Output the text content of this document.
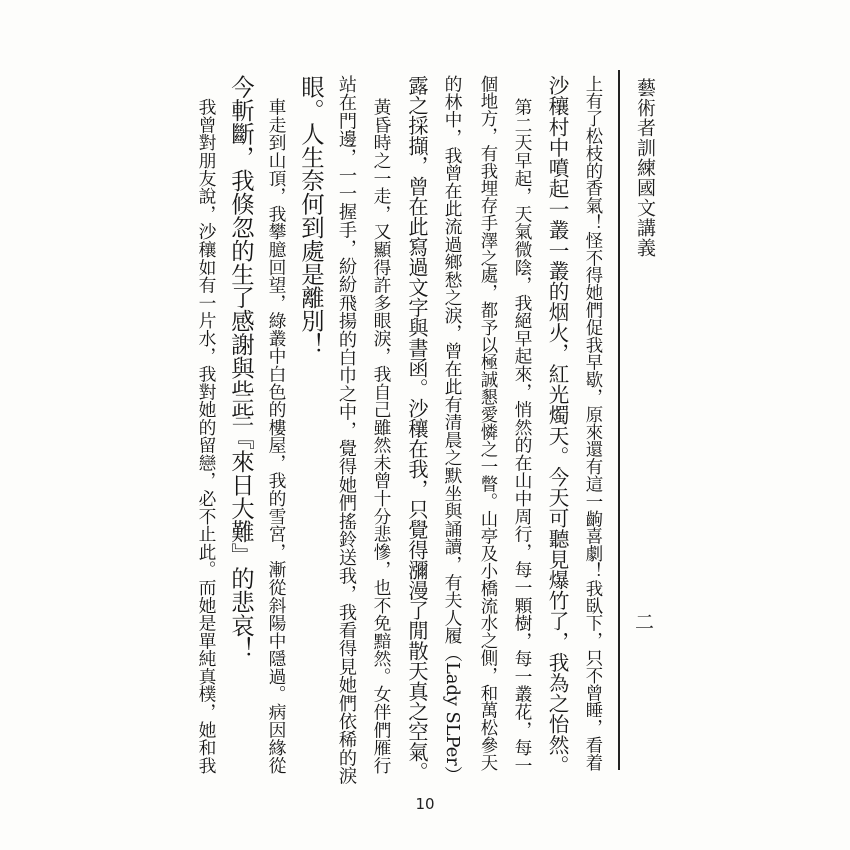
藝術者訓練國文講義
二
上有了松枝的香氣！怪不得她們促我早歇，原來還有這一齣喜劇！我臥下，只不曾睡，看着
沙穰村中噴起一叢一叢的烟火，紅光燭天。今天可聽見爆竹了，我為之怡然。
第二天早起，天氣微陰，我絕早起來，悄然的在山中周行，每一顆樹，每一叢花，每一
個地方，有我埋存手澤之處，都予以極誠懇愛憐之一瞥。山亭及小橋流水之側，和萬松參天
的林中，我曾在此流過鄉愁之淚，曾在此有清晨之默坐與誦讀，有夫人履（Lady SLPer）
露之採擷，曾在此寫過文字與書函。沙穰在我，只覺得瀰漫了閒散天真之空氣。
黃昏時之一走，又顯得許多眼淚，我自己雖然未曾十分悲慘，也不免黯然。女伴們雁行
站在門邊，一一握手，紛紛飛揚的白巾之中，覺得她們搖鈴送我，我看得見她們依稀的淚
眼。人生奈何到處是離別！
車走到山頂，我攀臆回望，綠叢中白色的樓屋，我的雪宮，漸從斜陽中隱過。病因緣從
今斬斷，我倏忽的生了感謝與些些『來日大難』的悲哀！
我曾對朋友說，沙穰如有一片水，我對她的留戀，必不止此。而她是單純真樸，她和我
10
